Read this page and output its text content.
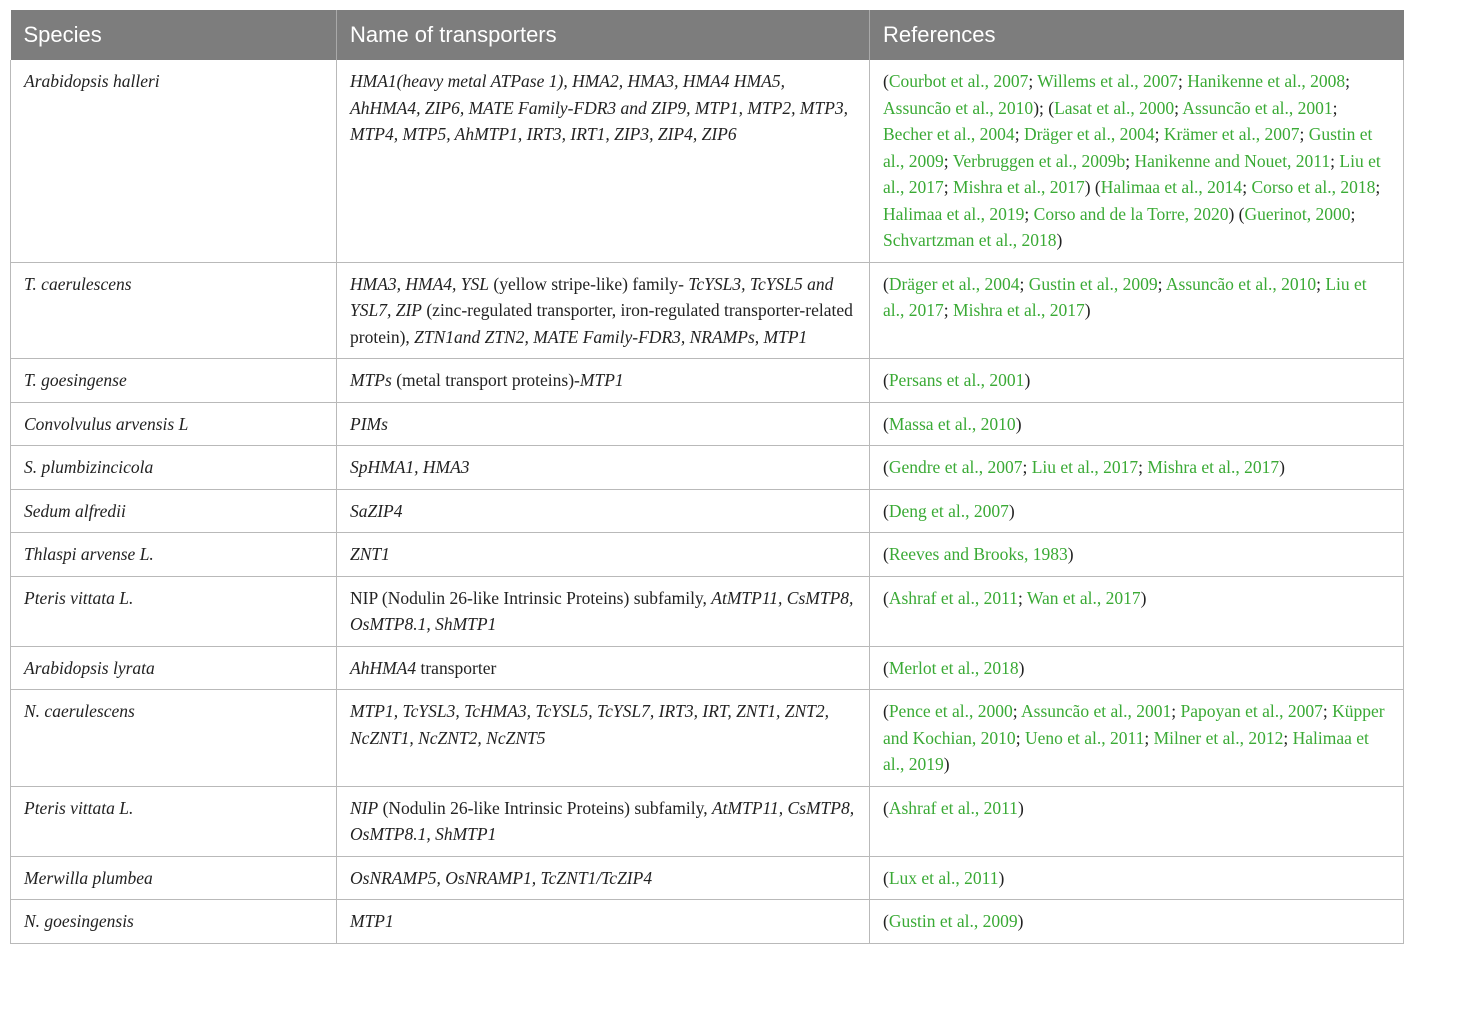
Species	Name of transporters	References
Arabidopsis halleri	HMA1(heavy metal ATPase 1), HMA2, HMA3, HMA4 HMA5, AhHMA4, ZIP6, MATE Family-FDR3 and ZIP9, MTP1, MTP2, MTP3, MTP4, MTP5, AhMTP1, IRT3, IRT1, ZIP3, ZIP4, ZIP6	(Courbot et al., 2007; Willems et al., 2007; Hanikenne et al., 2008; Assuncão et al., 2010); (Lasat et al., 2000; Assuncão et al., 2001; Becher et al., 2004; Dräger et al., 2004; Krämer et al., 2007; Gustin et al., 2009; Verbruggen et al., 2009b; Hanikenne and Nouet, 2011; Liu et al., 2017; Mishra et al., 2017) (Halimaa et al., 2014; Corso et al., 2018; Halimaa et al., 2019; Corso and de la Torre, 2020) (Guerinot, 2000; Schvartzman et al., 2018)
T. caerulescens	HMA3, HMA4, YSL (yellow stripe-like) family- TcYSL3, TcYSL5 and YSL7, ZIP (zinc-regulated transporter, iron-regulated transporter-related protein), ZTN1and ZTN2, MATE Family-FDR3, NRAMPs, MTP1	(Dräger et al., 2004; Gustin et al., 2009; Assuncão et al., 2010; Liu et al., 2017; Mishra et al., 2017)
T. goesingense	MTPs (metal transport proteins)-MTP1	(Persans et al., 2001)
Convolvulus arvensis L	PIMs	(Massa et al., 2010)
S. plumbizincicola	SpHMA1, HMA3	(Gendre et al., 2007; Liu et al., 2017; Mishra et al., 2017)
Sedum alfredii	SaZIP4	(Deng et al., 2007)
Thlaspi arvense L.	ZNT1	(Reeves and Brooks, 1983)
Pteris vittata L.	NIP (Nodulin 26-like Intrinsic Proteins) subfamily, AtMTP11, CsMTP8, OsMTP8.1, ShMTP1	(Ashraf et al., 2011; Wan et al., 2017)
Arabidopsis lyrata	AhHMA4 transporter	(Merlot et al., 2018)
N. caerulescens	MTP1, TcYSL3, TcHMA3, TcYSL5, TcYSL7, IRT3, IRT, ZNT1, ZNT2, NcZNT1, NcZNT2, NcZNT5	(Pence et al., 2000; Assuncão et al., 2001; Papoyan et al., 2007; Küpper and Kochian, 2010; Ueno et al., 2011; Milner et al., 2012; Halimaa et al., 2019)
Pteris vittata L.	NIP (Nodulin 26-like Intrinsic Proteins) subfamily, AtMTP11, CsMTP8, OsMTP8.1, ShMTP1	(Ashraf et al., 2011)
Merwilla plumbea	OsNRAMP5, OsNRAMP1, TcZNT1/TcZIP4	(Lux et al., 2011)
N. goesingensis	MTP1	(Gustin et al., 2009)
